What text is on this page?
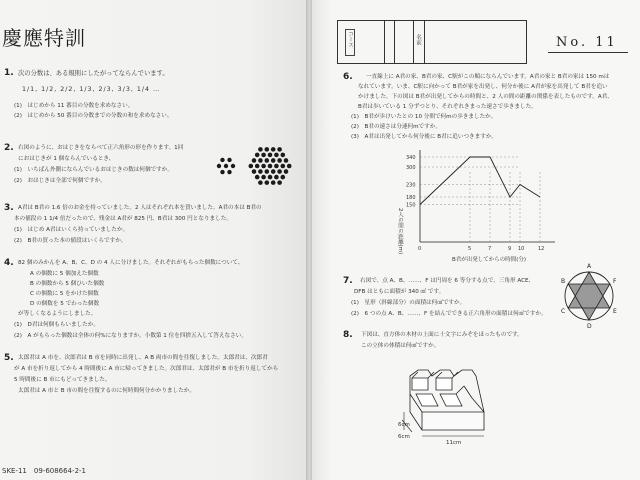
慶應特訓
1. 次の分数は、ある規則にしたがってならんでいます。
1/1, 1/2, 2/2, 1/3, 2/3, 3/3, 1/4 …
(1)　はじめから 11 番目の分数を求めなさい。
(2)　はじめから 50 番目の分数までの分数の和を求めなさい。
2. 右図のように、おはじきをならべて正六角形の形を作ります。1回
におはじきが 1 個ならんでいるとき、
(1)　いちばん外側にならんでいるおはじきの数は何個ですか。
(2)　おはじきは全部で何個ですか。
3. A君は B君の 1.6 倍のお金を持っていました。2 人はそれぞれ本を買いました。A君の本は B君の
本の値段の 1 1/4 倍だったので、残金は A君が 825 円、B君は 300 円となりました。
(1)　はじめ A君はいくら持っていましたか。
(2)　B君の買った本の値段はいくらですか。
4. 82 個のみかんを A、B、C、D の 4 人に分けました。それぞれがもらった個数について、
A の個数に 5 個加えた個数
B の個数から 5 個ひいた個数
C の個数に 5 をかけた個数
D の個数を 5 でわった個数
が等しくなるようにしました。
(1)　D君は何個もらいましたか。
(2)　A がもらった個数は全体の何%になりますか。小数第 1 位を四捨五入して答えなさい。
5. 太郎君は A 市を、次郎君は B 市を同時に出発し、A B 両市の間を往復しました。太郎君は、次郎君
が A 市を折り返してから 4 時間後に A 市に帰ってきました。次郎君は、太郎君が B 市を折り返してから
5 時間後に B 市にもどってきました。
太郎君は A 市と B 市の間を往復するのに何時間何分かかりましたか。
SKE-11　09-608664-2-1
コース	名前	No. 11
6. 一直線上に A君の家、B君の家、C駅がこの順にならんでいます。A君の家と B君の家は 150 mは
なれています。いま、C駅に向かって B君が家を出発し、何分か後に A君が家を出発して B君を追い
かけました。下の図は B君が出発してからの時間と、2 人の間の距離の関係を表したものです。A君、
B君は歩いている 1 分ずつとり、それぞれきまった速さで歩きました。
(1)　B君が歩けいたとの 10 分間で何mの歩きましたか。
(2)　B君の速さは分速何mですか。
(3)　A君は出発してから何分後に B君に追いつきますか。
340
300
230
180
150
0	5	7	9 10	12
2人の間の距離(m)
B君が出発してからの時間(分)
7. 右図で、点 A、B、……、F は円周を 6 等分する点で、三角形 ACE、
DFB はともに面積が 340 ㎠ です。
(1)　星形（斜線部分）の面積は何㎠ですか。
(2)　6 つの点 A、B、……、F を結んでできる正六角形の面積は何㎠ですか。
A
B
C
D
E
F
8. 下図は、直方体の木材の上面に十文字にみぞをほったものです。
この立体の体積は何㎤ですか。
11cm
6cm
6cm
